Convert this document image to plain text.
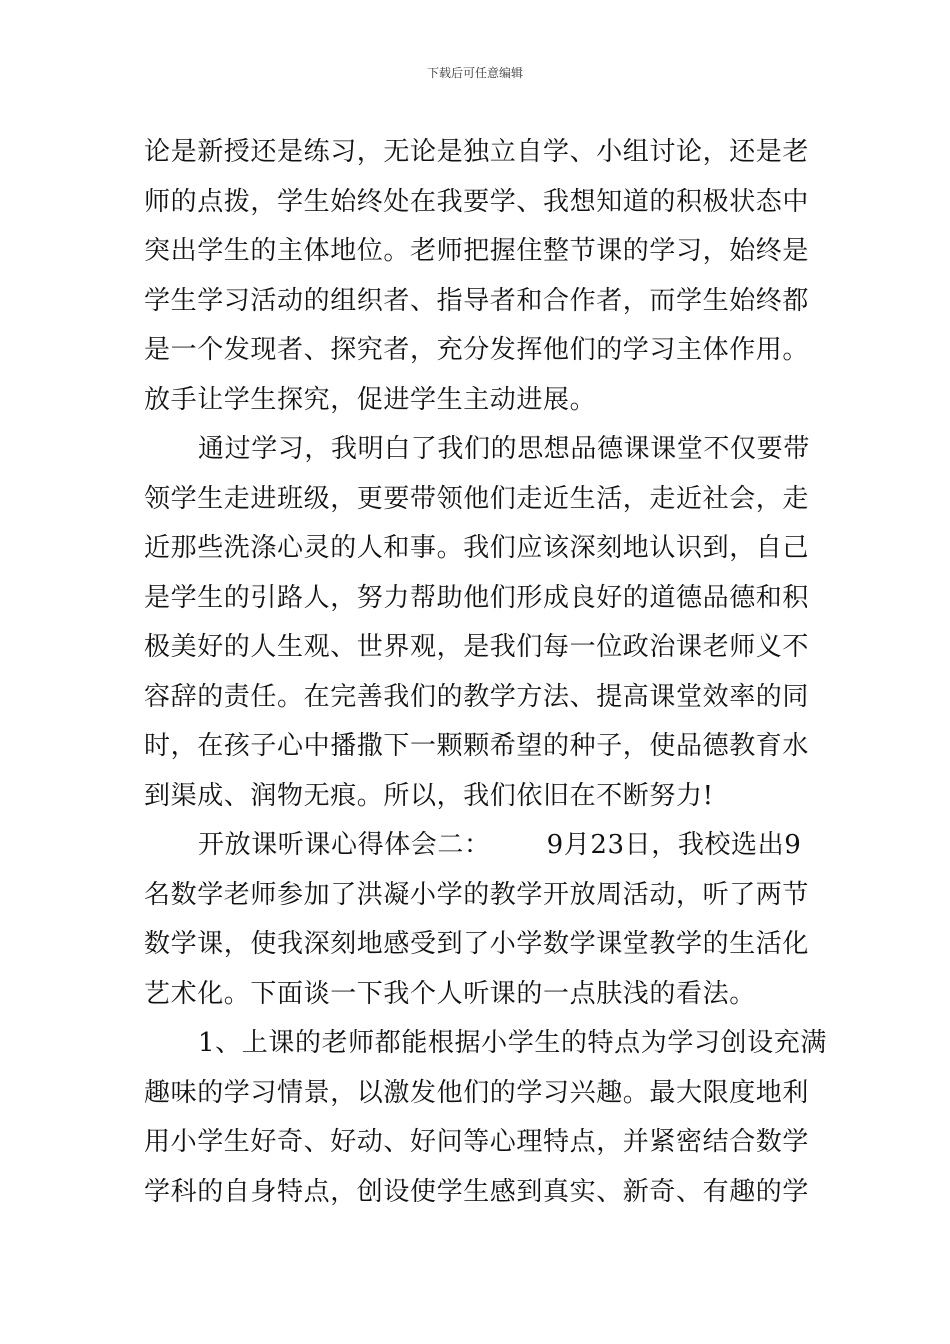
下载后可任意编辑
论是新授还是练习，无论是独立自学、小组讨论，还是老
师的点拨，学生始终处在我要学、我想知道的积极状态中
突出学生的主体地位。老师把握住整节课的学习，始终是
学生学习活动的组织者、指导者和合作者，而学生始终都
是一个发现者、探究者，充分发挥他们的学习主体作用。
放手让学生探究，促进学生主动进展。
通过学习，我明白了我们的思想品德课课堂不仅要带
领学生走进班级，更要带领他们走近生活，走近社会，走
近那些洗涤心灵的人和事。我们应该深刻地认识到，自己
是学生的引路人，努力帮助他们形成良好的道德品德和积
极美好的人生观、世界观，是我们每一位政治课老师义不
容辞的责任。在完善我们的教学方法、提高课堂效率的同
时，在孩子心中播撒下一颗颗希望的种子，使品德教育水
到渠成、润物无痕。所以，我们依旧在不断努力!
开放课听课心得体会二： 9月23日，我校选出9
名数学老师参加了洪凝小学的教学开放周活动，听了两节
数学课，使我深刻地感受到了小学数学课堂教学的生活化
艺术化。下面谈一下我个人听课的一点肤浅的看法。
1、上课的老师都能根据小学生的特点为学习创设充满
趣味的学习情景，以激发他们的学习兴趣。最大限度地利
用小学生好奇、好动、好问等心理特点，并紧密结合数学
学科的自身特点，创设使学生感到真实、新奇、有趣的学
